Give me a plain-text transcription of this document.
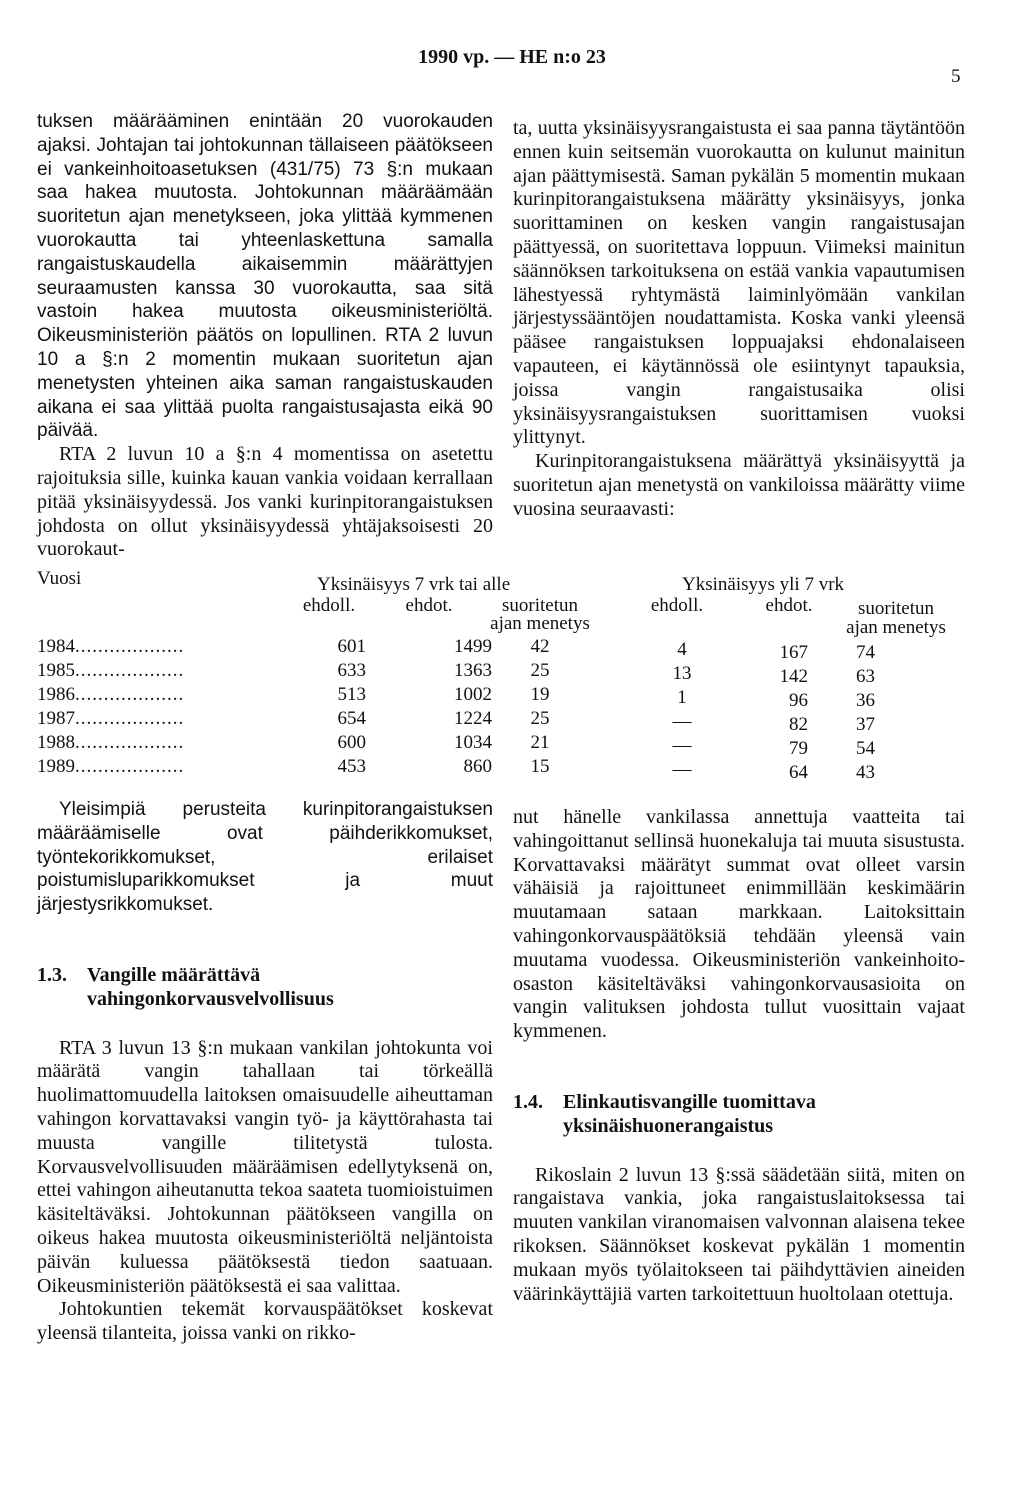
1990 vp. — HE n:o 23
5

tuksen määrääminen enintään 20 vuorokauden ajaksi. Johtajan tai johtokunnan tällaiseen päätökseen ei vankeinhoitoasetuksen (431/75) 73 §:n mukaan saa hakea muutosta. Johtokunnan määräämään suoritetun ajan menetykseen, joka ylittää kymmenen vuorokautta tai yhteenlaskettuna samalla rangaistuskaudella aikaisemmin määrättyjen seuraamusten kanssa 30 vuorokautta, saa sitä vastoin hakea muutosta oikeusministeriöltä. Oikeusministeriön päätös on lopullinen. RTA 2 luvun 10 a §:n 2 momentin mukaan suoritetun ajan menetysten yhteinen aika saman rangaistuskauden aikana ei saa ylittää puolta rangaistusajasta eikä 90 päivää.

RTA 2 luvun 10 a §:n 4 momentissa on asetettu rajoituksia sille, kuinka kauan vankia voidaan kerrallaan pitää yksinäisyydessä. Jos vanki kurinpitorangaistuksen johdosta on ollut yksinäisyydessä yhtäjaksoisesti 20 vuorokaut-

ta, uutta yksinäisyysrangaistusta ei saa panna täytäntöön ennen kuin seitsemän vuorokautta on kulunut mainitun ajan päättymisestä. Saman pykälän 5 momentin mukaan kurinpitorangaistuksena määrätty yksinäisyys, jonka suorittaminen on kesken vangin rangaistusajan päättyessä, on suoritettava loppuun. Viimeksi mainitun säännöksen tarkoituksena on estää vankia vapautumisen lähestyessä ryhtymästä laiminlyömään vankilan järjestyssääntöjen noudattamista. Koska vanki yleensä pääsee rangaistuksen loppuajaksi ehdonalaiseen vapauteen, ei käytännössä ole esiintynyt tapauksia, joissa vangin rangaistusaika olisi yksinäisyysrangaistuksen suorittamisen vuoksi ylittynyt.

Kurinpitorangaistuksena määrättyä yksinäisyyttä ja suoritetun ajan menetystä on vankiloissa määrätty viime vuosina seuraavasti:

Vuosi	Yksinäisyys 7 vrk tai alle	Yksinäisyys yli 7 vrk
ehdoll.	ehdot.	suoritetun
ajan menetys
ehdoll.	ehdot. suoritetun
ajan menetys
1984...................	601	1499 42	4	167	74
1985...................	633	1363 25	13	142	63
1986...................	513	1002 19	1	96	36
1987...................	654	1224 25	—	82	37
1988...................	600	1034 21	—	79	54
1989...................	453	860 15	—	64	43

Yleisimpiä perusteita kurinpitorangaistuksen määräämiselle ovat päihderikkomukset, työntekorikkomukset, erilaiset poistumisluparikkomukset ja muut järjestysrikkomukset.

1.3.	Vangille määrättävä vahingonkorvausvelvollisuus

RTA 3 luvun 13 §:n mukaan vankilan johtokunta voi määrätä vangin tahallaan tai törkeällä huolimattomuudella laitoksen omaisuudelle aiheuttaman vahingon korvattavaksi vangin työ- ja käyttörahasta tai muusta vangille tilitetystä tulosta. Korvausvelvollisuuden määräämisen edellytyksenä on, ettei vahingon aiheutanutta tekoa saateta tuomioistuimen käsiteltäväksi. Johtokunnan päätökseen vangilla on oikeus hakea muutosta oikeusministeriöltä neljäntoista päivän kuluessa päätöksestä tiedon saatuaan. Oikeusministeriön päätöksestä ei saa valittaa.

Johtokuntien tekemät korvauspäätökset koskevat yleensä tilanteita, joissa vanki on rikko-

nut hänelle vankilassa annettuja vaatteita tai vahingoittanut sellinsä huonekaluja tai muuta sisustusta. Korvattavaksi määrätyt summat ovat olleet varsin vähäisiä ja rajoittuneet enimmillään keskimäärin muutamaan sataan markkaan. Laitoksittain vahingonkorvauspäätöksiä tehdään yleensä vain muutama vuodessa. Oikeusministeriön vankeinhoito-osaston käsiteltäväksi vahingonkorvausasioita on vangin valituksen johdosta tullut vuosittain vajaat kymmenen.

1.4.	Elinkautisvangille tuomittava yksinäishuonerangaistus

Rikoslain 2 luvun 13 §:ssä säädetään siitä, miten on rangaistava vankia, joka rangaistuslaitoksessa tai muuten vankilan viranomaisen valvonnan alaisena tekee rikoksen. Säännökset koskevat pykälän 1 momentin mukaan myös työlaitokseen tai päihdyttävien aineiden väärinkäyttäjiä varten tarkoitettuun huoltolaan otettuja.
